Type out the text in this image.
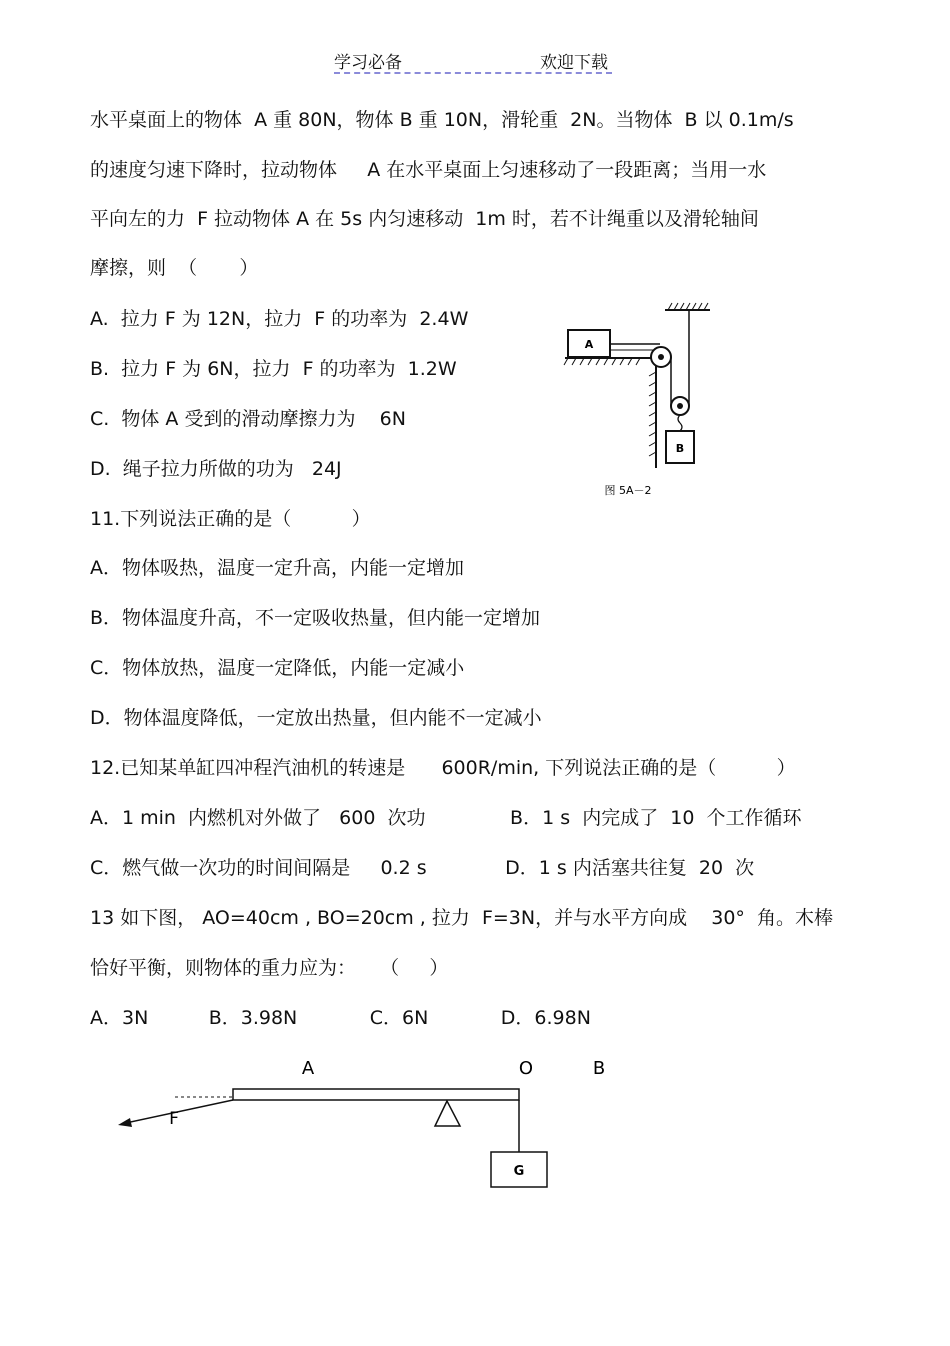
学习必备	欢迎下载
水平桌面上的物体  A 重 80N，物体 B 重 10N，滑轮重  2N。当物体  B 以 0.1m/s
的速度匀速下降时，拉动物体     A 在水平桌面上匀速移动了一段距离；当用一水
平向左的力  F 拉动物体 A 在 5s 内匀速移动  1m 时，若不计绳重以及滑轮轴间
摩擦，则  （       ）
A.  拉力 F 为 12N，拉力  F 的功率为  2.4W
B.  拉力 F 为 6N，拉力  F 的功率为  1.2W
C.  物体 A 受到的滑动摩擦力为    6N
D.  绳子拉力所做的功为   24J
A
B
图 5A－2
11.下列说法正确的是（          ）
A．物体吸热，温度一定升高，内能一定增加
B．物体温度升高，不一定吸收热量，但内能一定增加
C．物体放热，温度一定降低，内能一定减小
D．物体温度降低，一定放出热量，但内能不一定减小
12.已知某单缸四冲程汽油机的转速是      600R/min, 下列说法正确的是（          ）
A．1 min  内燃机对外做了   600  次功              B．1 s  内完成了  10  个工作循环
C．燃气做一次功的时间间隔是     0.2 s             D．1 s 内活塞共往复  20  次
13 如下图， AO=40cm , BO=20cm , 拉力  F=3N，并与水平方向成    30°  角。木棒
恰好平衡，则物体的重力应为：    （     ）
A．3N          B．3.98N            C．6N            D．6.98N
A	O	B
F
G
